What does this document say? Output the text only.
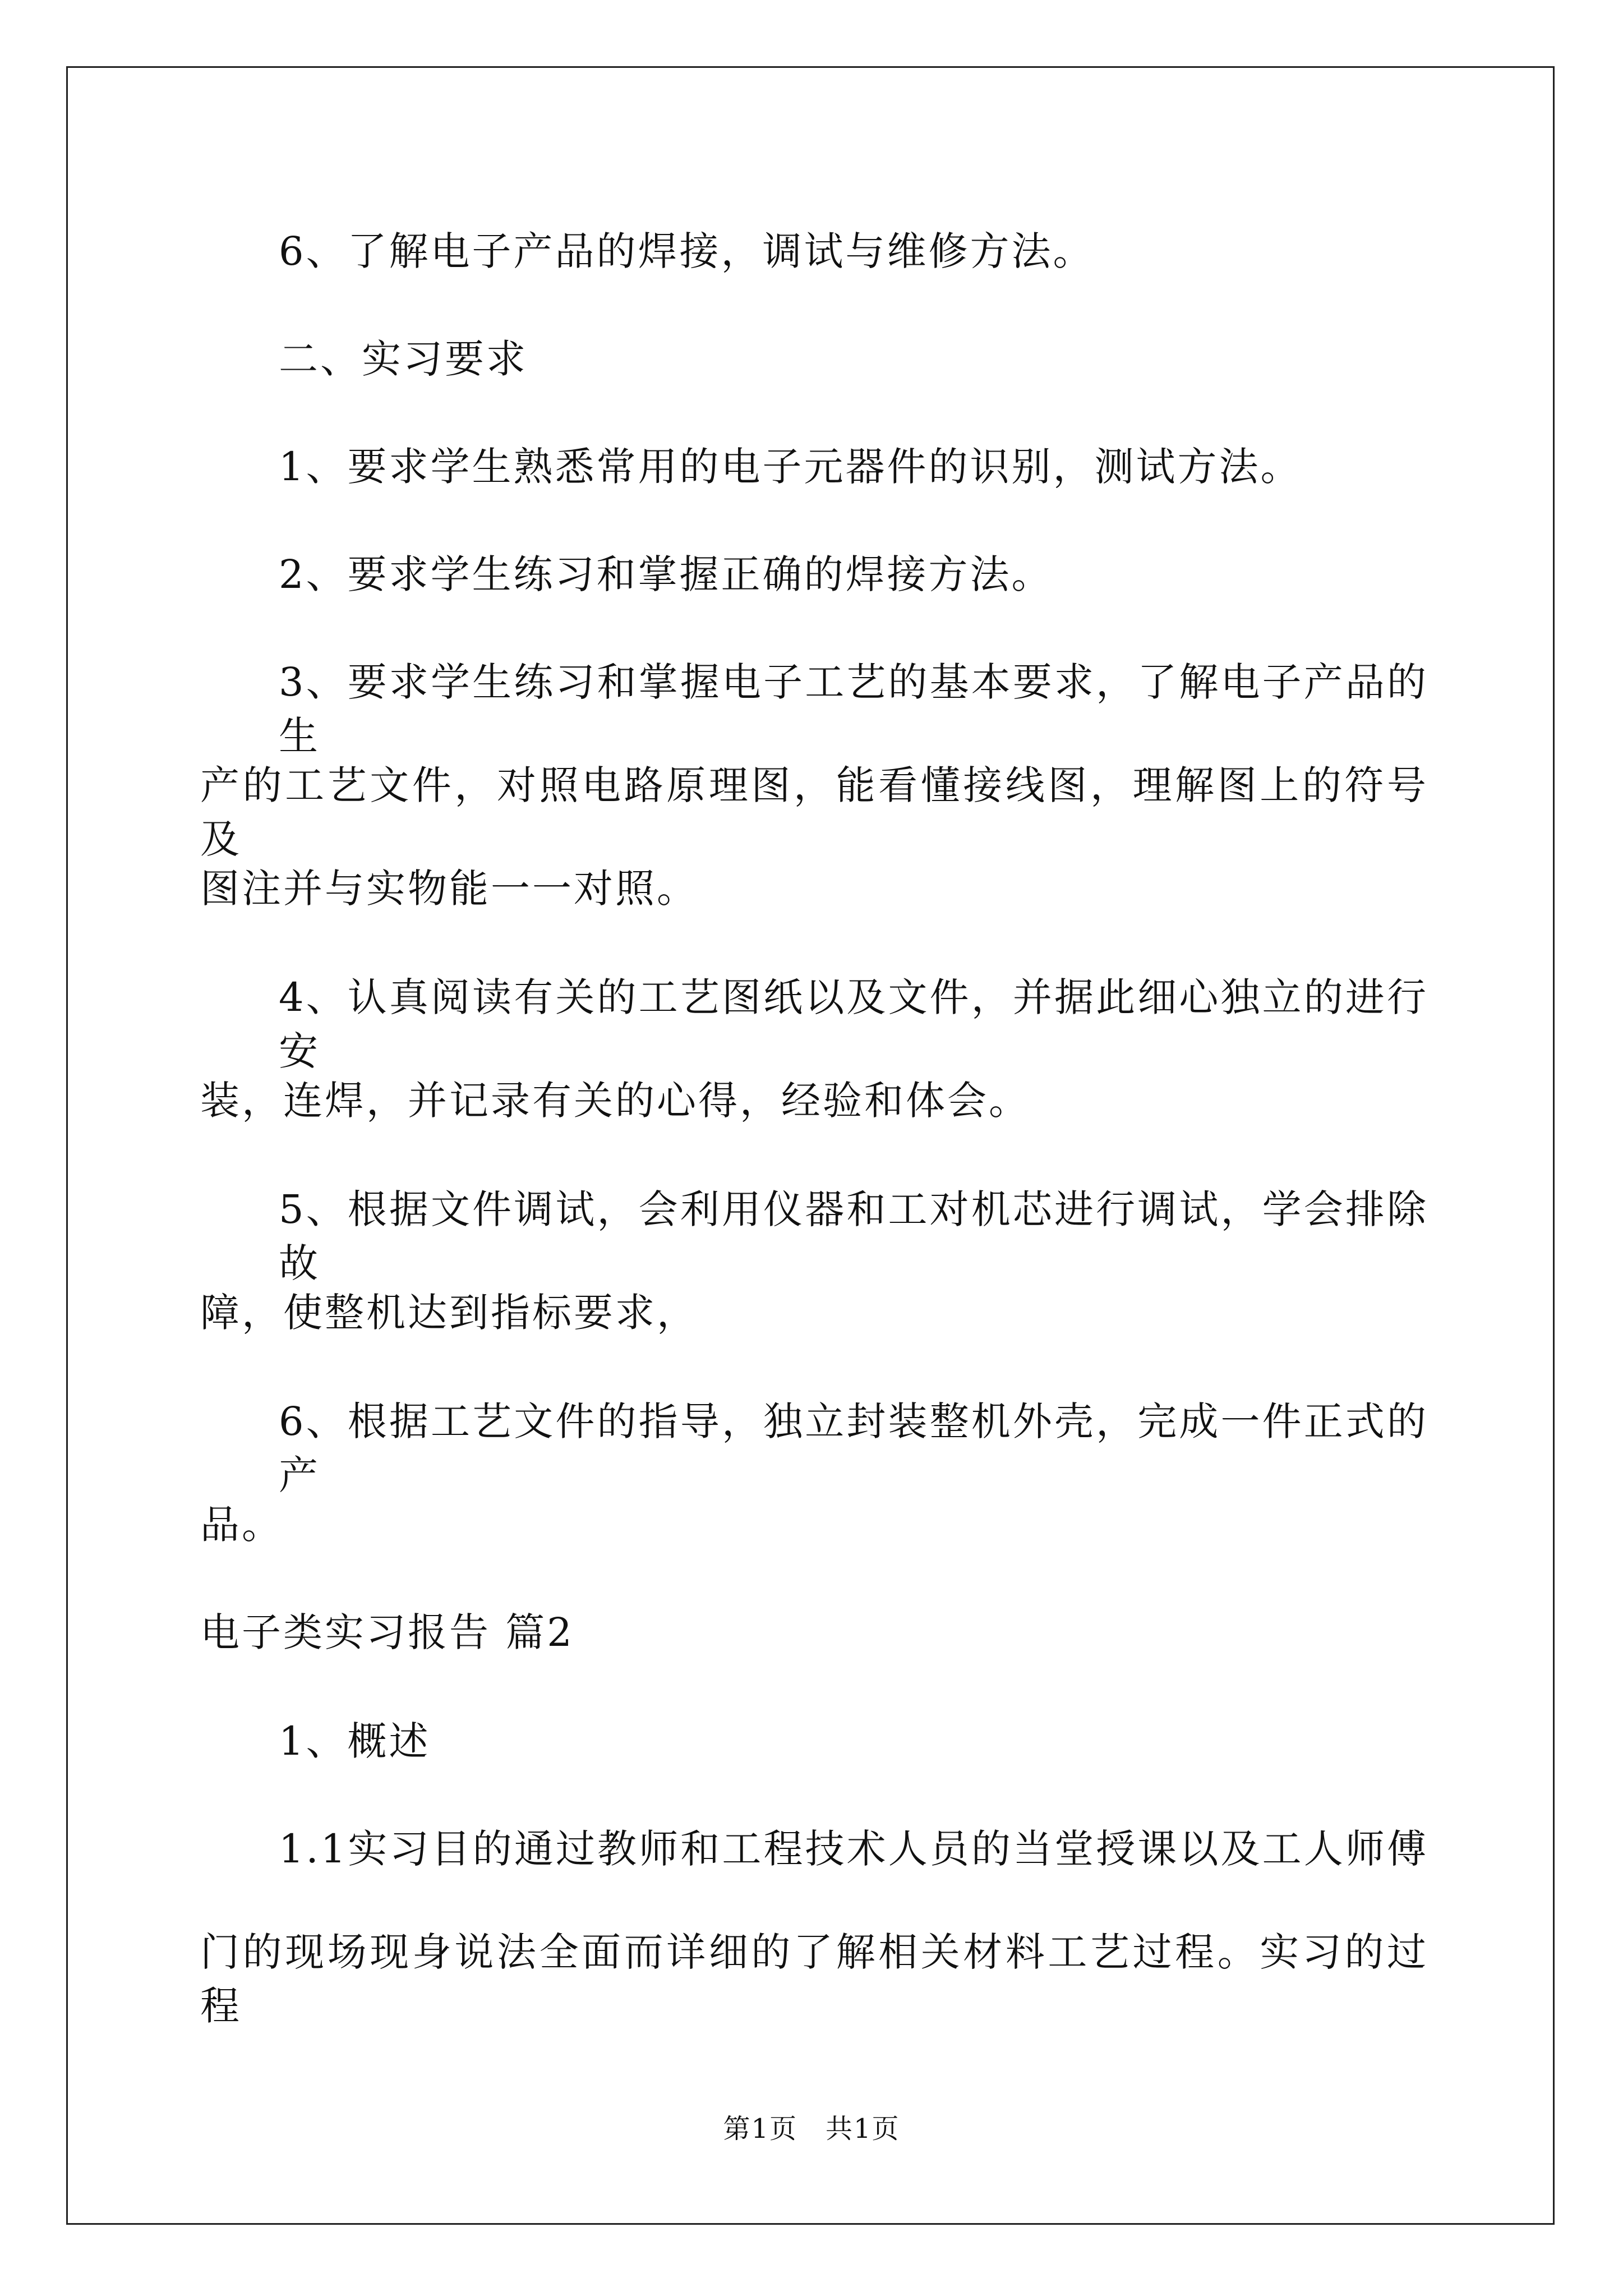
6、了解电子产品的焊接，调试与维修方法。

二、实习要求

1、要求学生熟悉常用的电子元器件的识别，测试方法。

2、要求学生练习和掌握正确的焊接方法。

3、要求学生练习和掌握电子工艺的基本要求，了解电子产品的生

产的工艺文件，对照电路原理图，能看懂接线图，理解图上的符号及

图注并与实物能一一对照。

4、认真阅读有关的工艺图纸以及文件，并据此细心独立的进行安

装，连焊，并记录有关的心得，经验和体会。

5、根据文件调试，会利用仪器和工对机芯进行调试，学会排除故

障，使整机达到指标要求，

6、根据工艺文件的指导，独立封装整机外壳，完成一件正式的产

品。

电子类实习报告 篇2

1、概述

1.1实习目的通过教师和工程技术人员的当堂授课以及工人师傅

门的现场现身说法全面而详细的了解相关材料工艺过程。实习的过程

第1页　共1页
